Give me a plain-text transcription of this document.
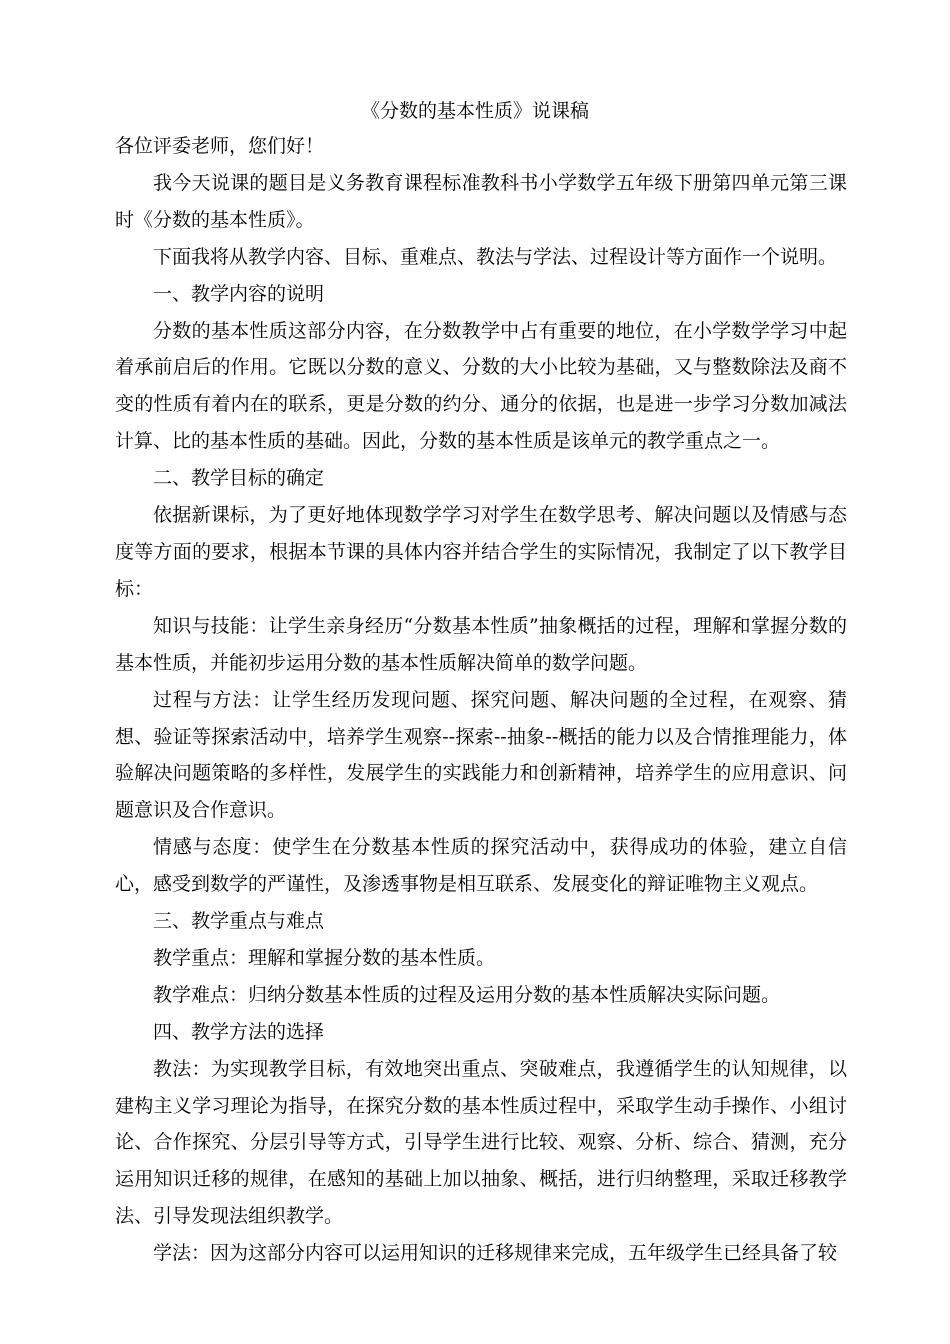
《分数的基本性质》说课稿

各位评委老师，您们好！

我今天说课的题目是义务教育课程标准教科书小学数学五年级下册第四单元第三课时《分数的基本性质》。

下面我将从教学内容、目标、重难点、教法与学法、过程设计等方面作一个说明。

一、教学内容的说明

分数的基本性质这部分内容，在分数教学中占有重要的地位，在小学数学学习中起着承前启后的作用。它既以分数的意义、分数的大小比较为基础，又与整数除法及商不变的性质有着内在的联系，更是分数的约分、通分的依据，也是进一步学习分数加减法计算、比的基本性质的基础。因此，分数的基本性质是该单元的教学重点之一。

二、教学目标的确定

依据新课标，为了更好地体现数学学习对学生在数学思考、解决问题以及情感与态度等方面的要求，根据本节课的具体内容并结合学生的实际情况，我制定了以下教学目标：

知识与技能：让学生亲身经历“分数基本性质”抽象概括的过程，理解和掌握分数的基本性质，并能初步运用分数的基本性质解决简单的数学问题。

过程与方法：让学生经历发现问题、探究问题、解决问题的全过程，在观察、猜想、验证等探索活动中，培养学生观察--探索--抽象--概括的能力以及合情推理能力，体验解决问题策略的多样性，发展学生的实践能力和创新精神，培养学生的应用意识、问题意识及合作意识。

情感与态度：使学生在分数基本性质的探究活动中，获得成功的体验，建立自信心，感受到数学的严谨性，及渗透事物是相互联系、发展变化的辩证唯物主义观点。

三、教学重点与难点

教学重点：理解和掌握分数的基本性质。

教学难点：归纳分数基本性质的过程及运用分数的基本性质解决实际问题。

四、教学方法的选择

教法：为实现教学目标，有效地突出重点、突破难点，我遵循学生的认知规律，以建构主义学习理论为指导，在探究分数的基本性质过程中，采取学生动手操作、小组讨论、合作探究、分层引导等方式，引导学生进行比较、观察、分析、综合、猜测，充分运用知识迁移的规律，在感知的基础上加以抽象、概括，进行归纳整理，采取迁移教学法、引导发现法组织教学。

学法：因为这部分内容可以运用知识的迁移规律来完成，五年级学生已经具备了较
